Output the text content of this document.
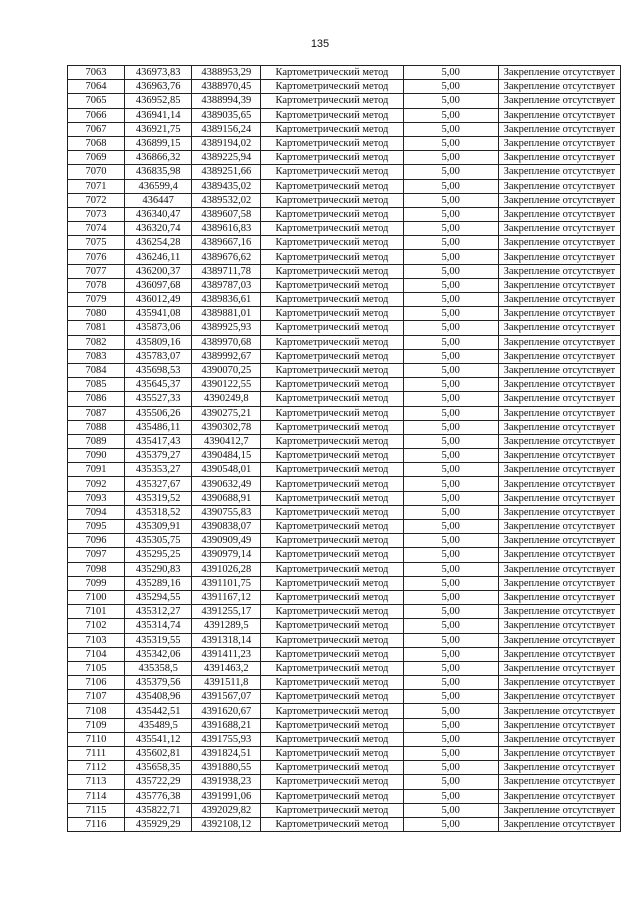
135
7063	436973,83	4388953,29	Картометрический метод	5,00	Закрепление отсутствует
7064	436963,76	4388970,45	Картометрический метод	5,00	Закрепление отсутствует
7065	436952,85	4388994,39	Картометрический метод	5,00	Закрепление отсутствует
7066	436941,14	4389035,65	Картометрический метод	5,00	Закрепление отсутствует
7067	436921,75	4389156,24	Картометрический метод	5,00	Закрепление отсутствует
7068	436899,15	4389194,02	Картометрический метод	5,00	Закрепление отсутствует
7069	436866,32	4389225,94	Картометрический метод	5,00	Закрепление отсутствует
7070	436835,98	4389251,66	Картометрический метод	5,00	Закрепление отсутствует
7071	436599,4	4389435,02	Картометрический метод	5,00	Закрепление отсутствует
7072	436447	4389532,02	Картометрический метод	5,00	Закрепление отсутствует
7073	436340,47	4389607,58	Картометрический метод	5,00	Закрепление отсутствует
7074	436320,74	4389616,83	Картометрический метод	5,00	Закрепление отсутствует
7075	436254,28	4389667,16	Картометрический метод	5,00	Закрепление отсутствует
7076	436246,11	4389676,62	Картометрический метод	5,00	Закрепление отсутствует
7077	436200,37	4389711,78	Картометрический метод	5,00	Закрепление отсутствует
7078	436097,68	4389787,03	Картометрический метод	5,00	Закрепление отсутствует
7079	436012,49	4389836,61	Картометрический метод	5,00	Закрепление отсутствует
7080	435941,08	4389881,01	Картометрический метод	5,00	Закрепление отсутствует
7081	435873,06	4389925,93	Картометрический метод	5,00	Закрепление отсутствует
7082	435809,16	4389970,68	Картометрический метод	5,00	Закрепление отсутствует
7083	435783,07	4389992,67	Картометрический метод	5,00	Закрепление отсутствует
7084	435698,53	4390070,25	Картометрический метод	5,00	Закрепление отсутствует
7085	435645,37	4390122,55	Картометрический метод	5,00	Закрепление отсутствует
7086	435527,33	4390249,8	Картометрический метод	5,00	Закрепление отсутствует
7087	435506,26	4390275,21	Картометрический метод	5,00	Закрепление отсутствует
7088	435486,11	4390302,78	Картометрический метод	5,00	Закрепление отсутствует
7089	435417,43	4390412,7	Картометрический метод	5,00	Закрепление отсутствует
7090	435379,27	4390484,15	Картометрический метод	5,00	Закрепление отсутствует
7091	435353,27	4390548,01	Картометрический метод	5,00	Закрепление отсутствует
7092	435327,67	4390632,49	Картометрический метод	5,00	Закрепление отсутствует
7093	435319,52	4390688,91	Картометрический метод	5,00	Закрепление отсутствует
7094	435318,52	4390755,83	Картометрический метод	5,00	Закрепление отсутствует
7095	435309,91	4390838,07	Картометрический метод	5,00	Закрепление отсутствует
7096	435305,75	4390909,49	Картометрический метод	5,00	Закрепление отсутствует
7097	435295,25	4390979,14	Картометрический метод	5,00	Закрепление отсутствует
7098	435290,83	4391026,28	Картометрический метод	5,00	Закрепление отсутствует
7099	435289,16	4391101,75	Картометрический метод	5,00	Закрепление отсутствует
7100	435294,55	4391167,12	Картометрический метод	5,00	Закрепление отсутствует
7101	435312,27	4391255,17	Картометрический метод	5,00	Закрепление отсутствует
7102	435314,74	4391289,5	Картометрический метод	5,00	Закрепление отсутствует
7103	435319,55	4391318,14	Картометрический метод	5,00	Закрепление отсутствует
7104	435342,06	4391411,23	Картометрический метод	5,00	Закрепление отсутствует
7105	435358,5	4391463,2	Картометрический метод	5,00	Закрепление отсутствует
7106	435379,56	4391511,8	Картометрический метод	5,00	Закрепление отсутствует
7107	435408,96	4391567,07	Картометрический метод	5,00	Закрепление отсутствует
7108	435442,51	4391620,67	Картометрический метод	5,00	Закрепление отсутствует
7109	435489,5	4391688,21	Картометрический метод	5,00	Закрепление отсутствует
7110	435541,12	4391755,93	Картометрический метод	5,00	Закрепление отсутствует
7111	435602,81	4391824,51	Картометрический метод	5,00	Закрепление отсутствует
7112	435658,35	4391880,55	Картометрический метод	5,00	Закрепление отсутствует
7113	435722,29	4391938,23	Картометрический метод	5,00	Закрепление отсутствует
7114	435776,38	4391991,06	Картометрический метод	5,00	Закрепление отсутствует
7115	435822,71	4392029,82	Картометрический метод	5,00	Закрепление отсутствует
7116	435929,29	4392108,12	Картометрический метод	5,00	Закрепление отсутствует
